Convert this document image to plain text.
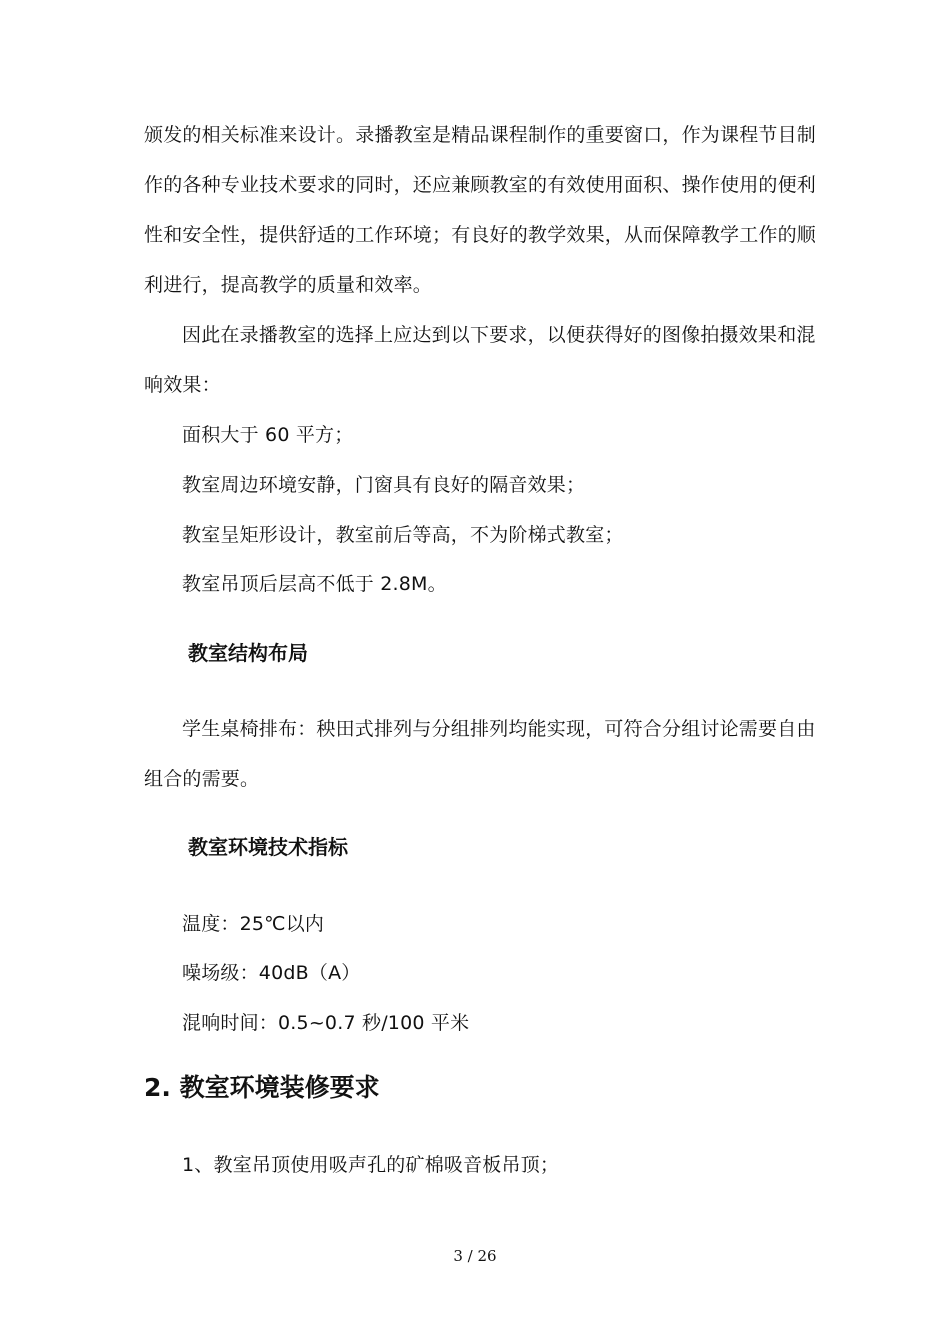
颁发的相关标准来设计。录播教室是精品课程制作的重要窗口，作为课程节目制
作的各种专业技术要求的同时，还应兼顾教室的有效使用面积、操作使用的便利
性和安全性，提供舒适的工作环境；有良好的教学效果，从而保障教学工作的顺
利进行，提高教学的质量和效率。
因此在录播教室的选择上应达到以下要求，以便获得好的图像拍摄效果和混
响效果：
面积大于 60 平方；
教室周边环境安静，门窗具有良好的隔音效果；
教室呈矩形设计，教室前后等高，不为阶梯式教室；
教室吊顶后层高不低于 2.8M。
教室结构布局
学生桌椅排布：秧田式排列与分组排列均能实现，可符合分组讨论需要自由
组合的需要。
教室环境技术指标
温度：25℃以内
噪场级：40dB（A）
混响时间：0.5~0.7 秒/100 平米
2. 教室环境装修要求
1、教室吊顶使用吸声孔的矿棉吸音板吊顶；
3 / 26
